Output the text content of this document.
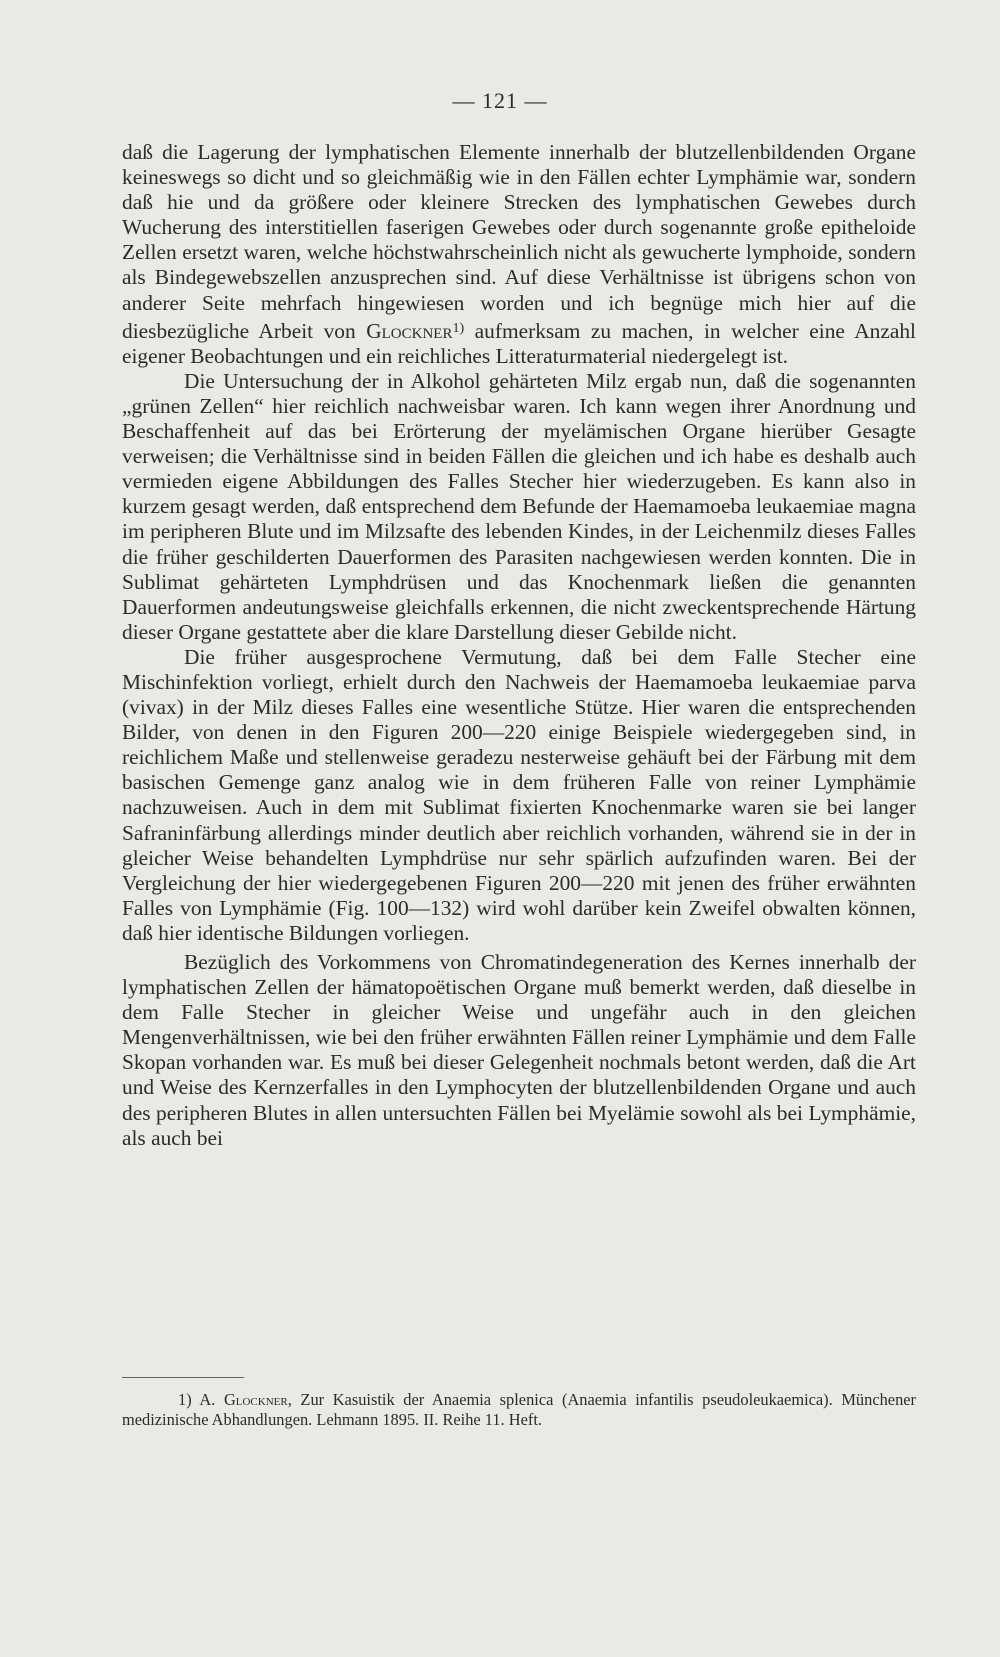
— 121 —

daß die Lagerung der lymphatischen Elemente innerhalb der blutzellenbildenden Organe keineswegs so dicht und so gleichmäßig wie in den Fällen echter Lymphämie war, sondern daß hie und da größere oder kleinere Strecken des lymphatischen Gewebes durch Wucherung des interstitiellen faserigen Gewebes oder durch sogenannte große epitheloide Zellen ersetzt waren, welche höchstwahrscheinlich nicht als gewucherte lymphoide, sondern als Bindegewebszellen anzusprechen sind. Auf diese Verhältnisse ist übrigens schon von anderer Seite mehrfach hingewiesen worden und ich begnüge mich hier auf die diesbezügliche Arbeit von Glockner$^{1)}$ aufmerksam zu machen, in welcher eine Anzahl eigener Beobachtungen und ein reichliches Litteraturmaterial niedergelegt ist.

Die Untersuchung der in Alkohol gehärteten Milz ergab nun, daß die sogenannten „grünen Zellen“ hier reichlich nachweisbar waren. Ich kann wegen ihrer Anordnung und Beschaffenheit auf das bei Erörterung der myelämischen Organe hierüber Gesagte verweisen; die Verhältnisse sind in beiden Fällen die gleichen und ich habe es deshalb auch vermieden eigene Abbildungen des Falles Stecher hier wiederzugeben. Es kann also in kurzem gesagt werden, daß entsprechend dem Befunde der Haemamoeba leukaemiae magna im peripheren Blute und im Milzsafte des lebenden Kindes, in der Leichenmilz dieses Falles die früher geschilderten Dauerformen des Parasiten nachgewiesen werden konnten. Die in Sublimat gehärteten Lymphdrüsen und das Knochenmark ließen die genannten Dauerformen andeutungsweise gleichfalls erkennen, die nicht zweckentsprechende Härtung dieser Organe gestattete aber die klare Darstellung dieser Gebilde nicht.

Die früher ausgesprochene Vermutung, daß bei dem Falle Stecher eine Mischinfektion vorliegt, erhielt durch den Nachweis der Haemamoeba leukaemiae parva (vivax) in der Milz dieses Falles eine wesentliche Stütze. Hier waren die entsprechenden Bilder, von denen in den Figuren 200—220 einige Beispiele wiedergegeben sind, in reichlichem Maße und stellenweise geradezu nesterweise gehäuft bei der Färbung mit dem basischen Gemenge ganz analog wie in dem früheren Falle von reiner Lymphämie nachzuweisen. Auch in dem mit Sublimat fixierten Knochenmarke waren sie bei langer Safraninfärbung allerdings minder deutlich aber reichlich vorhanden, während sie in der in gleicher Weise behandelten Lymphdrüse nur sehr spärlich aufzufinden waren. Bei der Vergleichung der hier wiedergegebenen Figuren 200—220 mit jenen des früher erwähnten Falles von Lymphämie (Fig. 100—132) wird wohl darüber kein Zweifel obwalten können, daß hier identische Bildungen vorliegen.

Bezüglich des Vorkommens von Chromatindegeneration des Kernes innerhalb der lymphatischen Zellen der hämatopoëtischen Organe muß bemerkt werden, daß dieselbe in dem Falle Stecher in gleicher Weise und ungefähr auch in den gleichen Mengenverhältnissen, wie bei den früher erwähnten Fällen reiner Lymphämie und dem Falle Skopan vorhanden war. Es muß bei dieser Gelegenheit nochmals betont werden, daß die Art und Weise des Kernzerfalles in den Lymphocyten der blutzellenbildenden Organe und auch des peripheren Blutes in allen untersuchten Fällen bei Myelämie sowohl als bei Lymphämie, als auch bei

1) A. Glockner, Zur Kasuistik der Anaemia splenica (Anaemia infantilis pseudoleukaemica). Münchener medizinische Abhandlungen. Lehmann 1895. II. Reihe 11. Heft.
